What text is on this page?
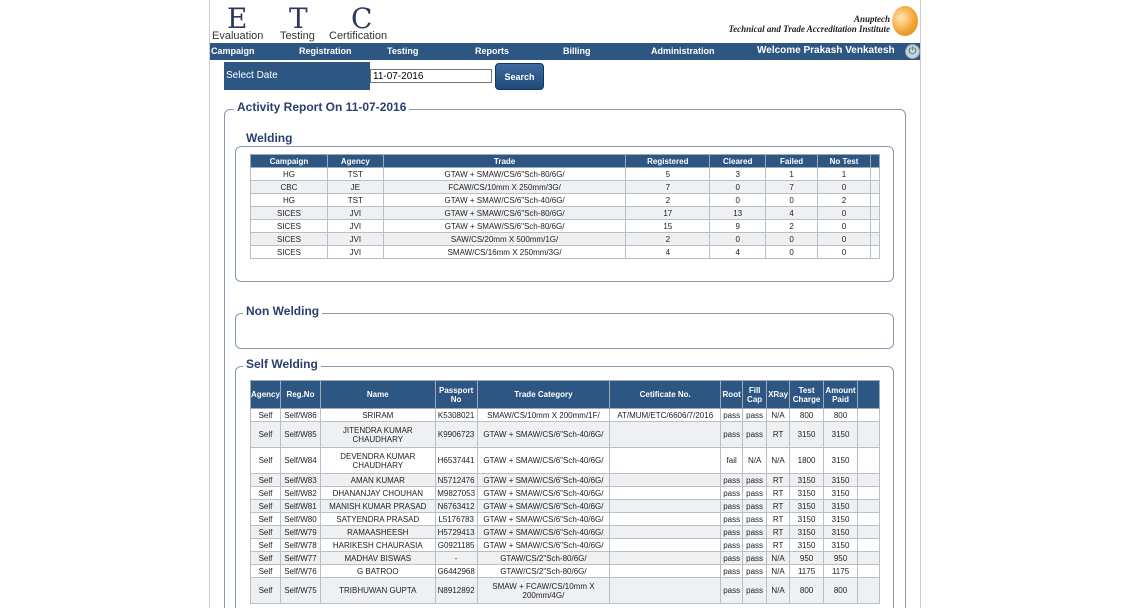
E T C
Evaluation Testing Certification
Anuptech
Technical and Trade Accreditation Institute
Campaign	Registration	Testing	Reports	Billing	Administration	Welcome Prakash Venkatesh	⏻
Select Date
11-07-2016	Search
Activity Report On 11-07-2016
Welding
Campaign	Agency	Trade	Registered	Cleared	Failed	No Test	
HG	TST	GTAW + SMAW/CS/6"Sch-80/6G/	5	3	1	1	
CBC	JE	FCAW/CS/10mm X 250mm/3G/	7	0	7	0	
HG	TST	GTAW + SMAW/CS/6"Sch-40/6G/	2	0	0	2	
SICES	JVI	GTAW + SMAW/CS/6"Sch-80/6G/	17	13	4	0	
SICES	JVI	GTAW + SMAW/SS/6"Sch-80/6G/	15	9	2	0	
SICES	JVI	SAW/CS/20mm X 500mm/1G/	2	0	0	0	
SICES	JVI	SMAW/CS/16mm X 250mm/3G/	4	4	0	0	
Non Welding
Self Welding
Agency	Reg.No	Name	Passport No	Trade Category	Cetificate No.	Root	Fill Cap	XRay	Test Charge	Amount Paid	
Self	Self/W86	SRIRAM	K5308021	SMAW/CS/10mm X 200mm/1F/	AT/MUM/ETC/6606/7/2016	pass	pass	N/A	800	800	
Self	Self/W85	JITENDRA KUMAR CHAUDHARY	K9906723	GTAW + SMAW/CS/6"Sch-40/6G/		pass	pass	RT	3150	3150	
Self	Self/W84	DEVENDRA KUMAR CHAUDHARY	H6537441	GTAW + SMAW/CS/6"Sch-40/6G/		fail	N/A	N/A	1800	3150	
Self	Self/W83	AMAN KUMAR	N5712476	GTAW + SMAW/CS/6"Sch-40/6G/		pass	pass	RT	3150	3150	
Self	Self/W82	DHANANJAY CHOUHAN	M9827053	GTAW + SMAW/CS/6"Sch-40/6G/		pass	pass	RT	3150	3150	
Self	Self/W81	MANISH KUMAR PRASAD	N6763412	GTAW + SMAW/CS/6"Sch-40/6G/		pass	pass	RT	3150	3150	
Self	Self/W80	SATYENDRA PRASAD	L5176783	GTAW + SMAW/CS/6"Sch-40/6G/		pass	pass	RT	3150	3150	
Self	Self/W79	RAMAASHEESH	H5729413	GTAW + SMAW/CS/6"Sch-40/6G/		pass	pass	RT	3150	3150	
Self	Self/W78	HARIKESH CHAURASIA	G0921185	GTAW + SMAW/CS/6"Sch-40/6G/		pass	pass	RT	3150	3150	
Self	Self/W77	MADHAV BISWAS	-	GTAW/CS/2"Sch-80/6G/		pass	pass	N/A	950	950	
Self	Self/W76	G BATROO	G6442968	GTAW/CS/2"Sch-80/6G/		pass	pass	N/A	1175	1175	
Self	Self/W75	TRIBHUWAN GUPTA	N8912892	SMAW + FCAW/CS/10mm X 200mm/4G/		pass	pass	N/A	800	800	
